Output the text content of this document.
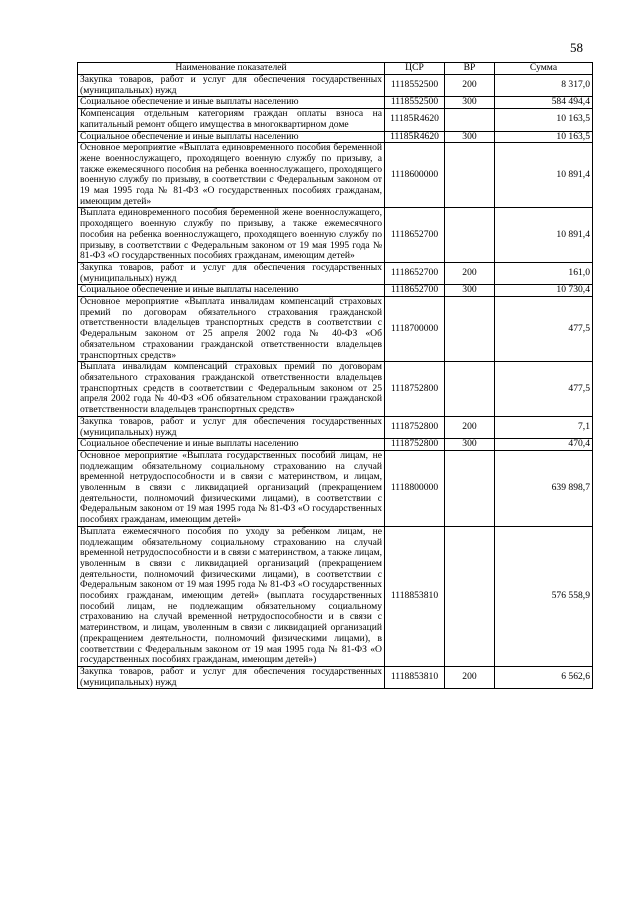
58
Наименование показателей	ЦСР	ВР	Сумма
Закупка товаров, работ и услуг для обеспечения государственных (муниципальных) нужд	1118552500	200	8 317,0
Социальное обеспечение и иные выплаты населению	1118552500	300	584 494,4
Компенсация отдельным категориям граждан оплаты взноса на капитальный ремонт общего имущества в многоквартирном доме	11185R4620		10 163,5
Социальное обеспечение и иные выплаты населению	11185R4620	300	10 163,5
Основное мероприятие «Выплата единовременного пособия беременной жене военнослужащего, проходящего военную службу по призыву, а также ежемесячного пособия на ребенка военнослужащего, проходящего военную службу по призыву, в соответствии с Федеральным законом от 19 мая 1995 года № 81-ФЗ «О государственных пособиях гражданам, имеющим детей»	1118600000		10 891,4
Выплата единовременного пособия беременной жене военнослужащего, проходящего военную службу по призыву, а также ежемесячного пособия на ребенка военнослужащего, проходящего военную службу по призыву, в соответствии с Федеральным законом от 19 мая 1995 года № 81-ФЗ «О государственных пособиях гражданам, имеющим детей»	1118652700		10 891,4
Закупка товаров, работ и услуг для обеспечения государственных (муниципальных) нужд	1118652700	200	161,0
Социальное обеспечение и иные выплаты населению	1118652700	300	10 730,4
Основное мероприятие «Выплата инвалидам компенсаций страховых премий по договорам обязательного страхования гражданской ответственности владельцев транспортных средств в соответствии с Федеральным законом от 25 апреля 2002 года № 40-ФЗ «Об обязательном страховании гражданской ответственности владельцев транспортных средств»	1118700000		477,5
Выплата инвалидам компенсаций страховых премий по договорам обязательного страхования гражданской ответственности владельцев транспортных средств в соответствии с Федеральным законом от 25 апреля 2002 года № 40-ФЗ «Об обязательном страховании гражданской ответственности владельцев транспортных средств»	1118752800		477,5
Закупка товаров, работ и услуг для обеспечения государственных (муниципальных) нужд	1118752800	200	7,1
Социальное обеспечение и иные выплаты населению	1118752800	300	470,4
Основное мероприятие «Выплата государственных пособий лицам, не подлежащим обязательному социальному страхованию на случай временной нетрудоспособности и в связи с материнством, и лицам, уволенным в связи с ликвидацией организаций (прекращением деятельности, полномочий физическими лицами), в соответствии с Федеральным законом от 19 мая 1995 года № 81-ФЗ «О государственных пособиях гражданам, имеющим детей»	1118800000		639 898,7
Выплата ежемесячного пособия по уходу за ребенком лицам, не подлежащим обязательному социальному страхованию на случай временной нетрудоспособности и в связи с материнством, а также лицам, уволенным в связи с ликвидацией организаций (прекращением деятельности, полномочий физическими лицами), в соответствии с Федеральным законом от 19 мая 1995 года № 81-ФЗ «О государственных пособиях гражданам, имеющим детей» (выплата государственных пособий лицам, не подлежащим обязательному социальному страхованию на случай временной нетрудоспособности и в связи с материнством, и лицам, уволенным в связи с ликвидацией организаций (прекращением деятельности, полномочий физическими лицами), в соответствии с Федеральным законом от 19 мая 1995 года № 81-ФЗ «О государственных пособиях гражданам, имеющим детей»)	1118853810		576 558,9
Закупка товаров, работ и услуг для обеспечения государственных (муниципальных) нужд	1118853810	200	6 562,6
